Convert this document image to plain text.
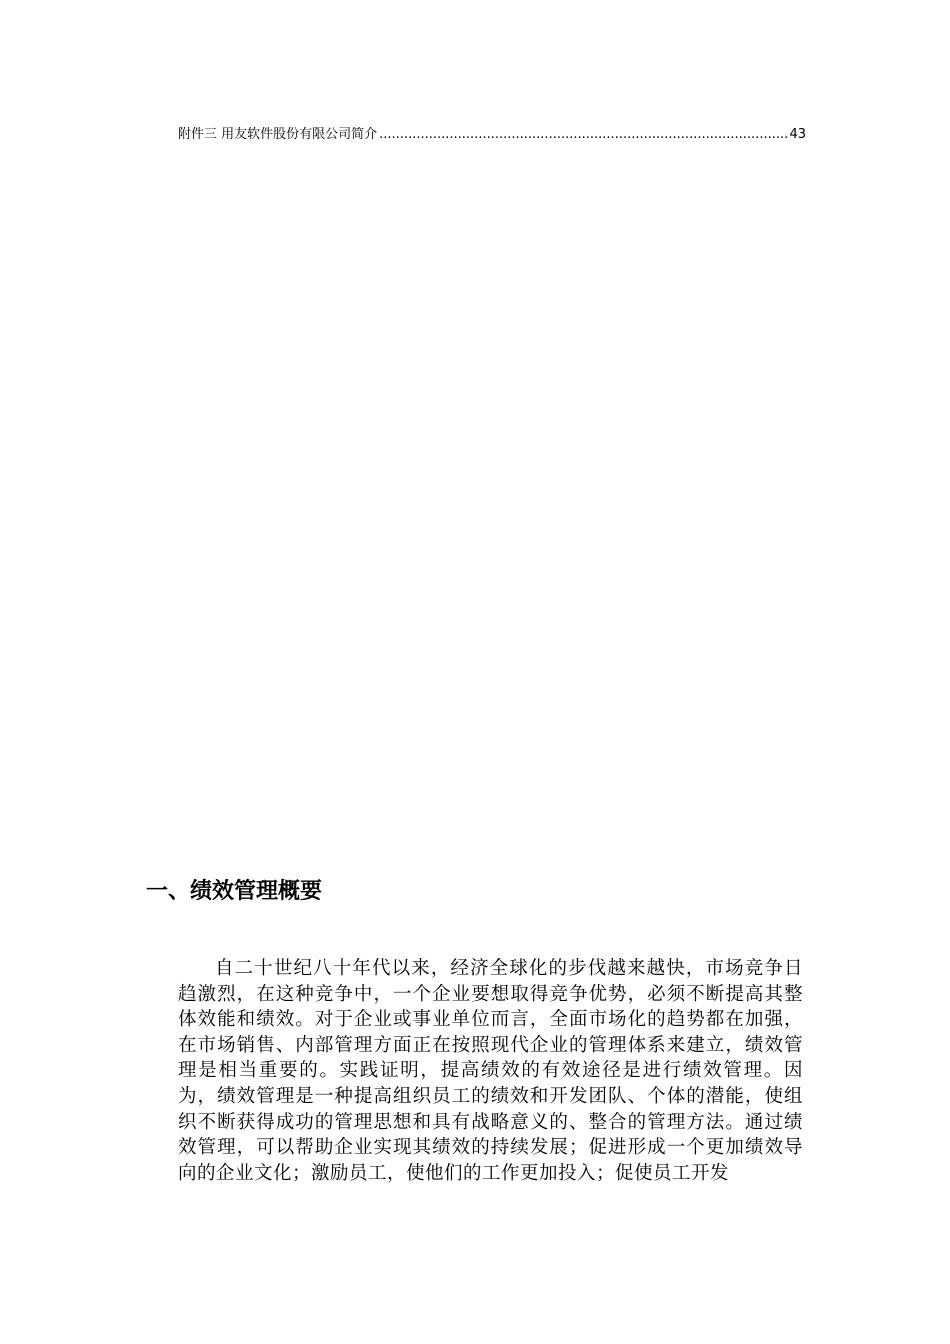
附件三 用友软件股份有限公司简介
.....	43
一、绩效管理概要

自二十世纪八十年代以来，经济全球化的步伐越来越快，市场竞争日趋激烈，在这种竞争中，一个企业要想取得竞争优势，必须不断提高其整体效能和绩效。对于企业或事业单位而言，全面市场化的趋势都在加强，在市场销售、内部管理方面正在按照现代企业的管理体系来建立，绩效管理是相当重要的。实践证明，提高绩效的有效途径是进行绩效管理。因为，绩效管理是一种提高组织员工的绩效和开发团队、个体的潜能，使组织不断获得成功的管理思想和具有战略意义的、整合的管理方法。通过绩效管理，可以帮助企业实现其绩效的持续发展；促进形成一个更加绩效导向的企业文化；激励员工，使他们的工作更加投入；促使员工开发
